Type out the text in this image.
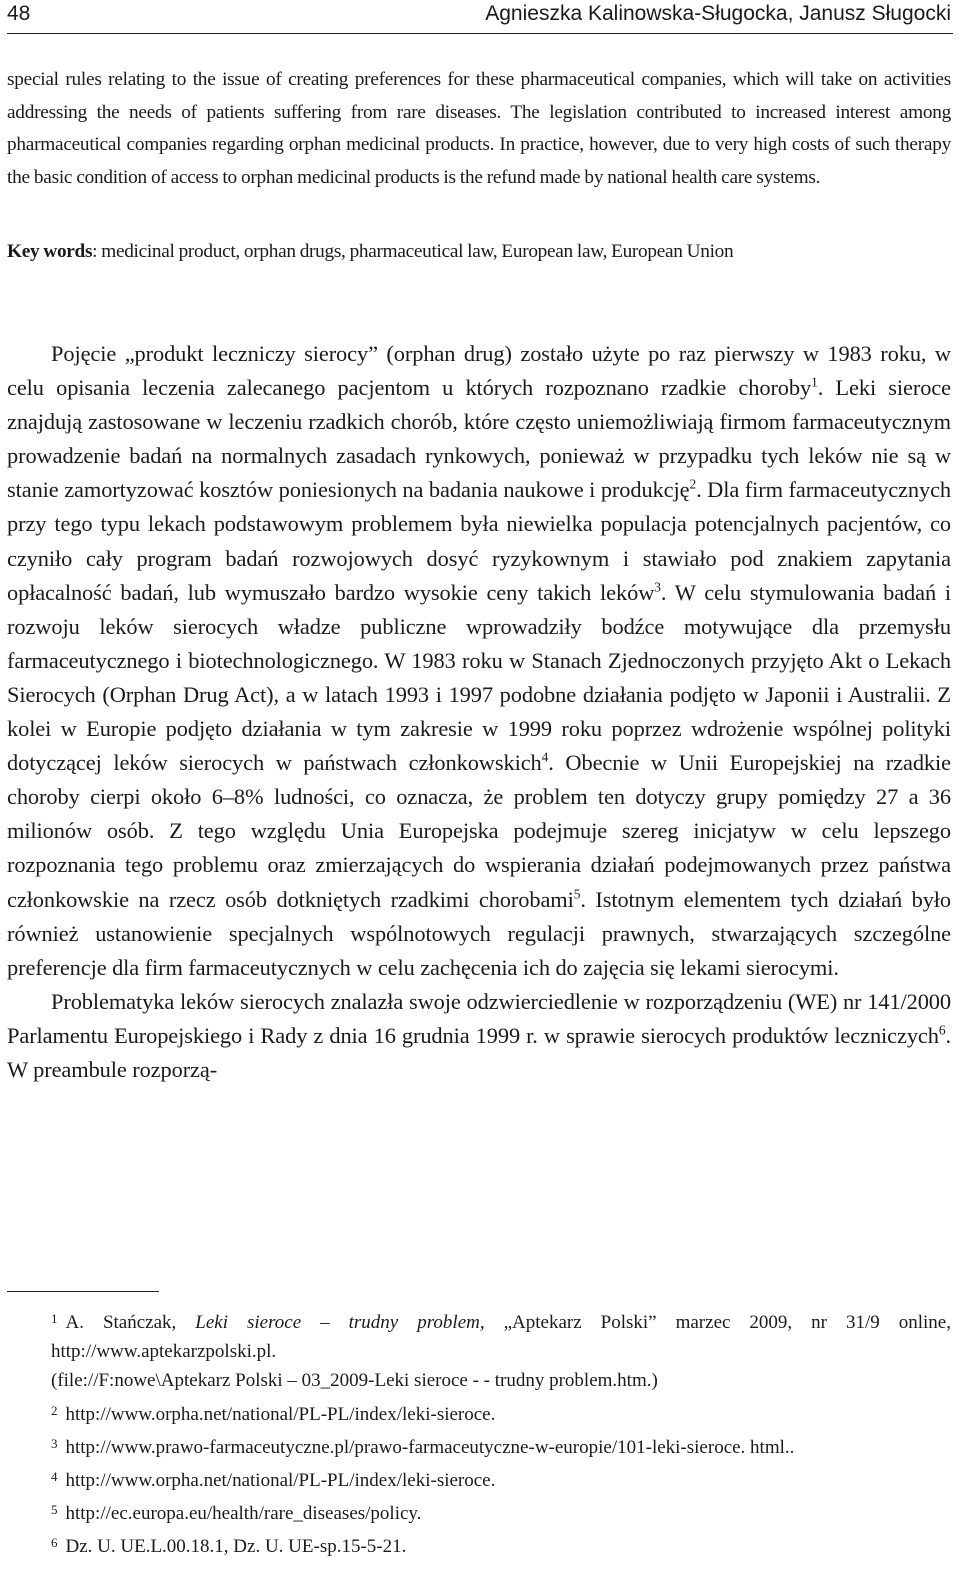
48	Agnieszka Kalinowska-Sługocka, Janusz Sługocki
special rules relating to the issue of creating preferences for these pharmaceutical companies, which will take on activities addressing the needs of patients suffering from rare diseases. The legislation contributed to increased interest among pharmaceutical companies regarding orphan medicinal products. In practice, however, due to very high costs of such therapy the basic condition of access to orphan medicinal products is the refund made by national health care systems.
Key words: medicinal product, orphan drugs, pharmaceutical law, European law, European Union

Pojęcie „produkt leczniczy sierocy” (orphan drug) zostało użyte po raz pierwszy w 1983 roku, w celu opisania leczenia zalecanego pacjentom u których rozpoznano rzadkie choroby$^1$. Leki sieroce znajdują zastosowane w leczeniu rzadkich chorób, które często uniemożliwiają firmom farmaceutycznym prowadzenie badań na normalnych zasadach rynkowych, ponieważ w przypadku tych leków nie są w stanie zamortyzować kosztów poniesionych na badania naukowe i produkcję$^2$. Dla firm farmaceutycznych przy tego typu lekach podstawowym problemem była niewielka populacja potencjalnych pacjentów, co czyniło cały program badań rozwojowych dosyć ryzykownym i stawiało pod znakiem zapytania opłacalność badań, lub wymuszało bardzo wysokie ceny takich leków$^3$. W celu stymulowania badań i rozwoju leków sierocych władze publiczne wprowadziły bodźce motywujące dla przemysłu farmaceutycznego i biotechnologicznego. W 1983 roku w Stanach Zjednoczonych przyjęto Akt o Lekach Sierocych (Orphan Drug Act), a w latach 1993 i 1997 podobne działania podjęto w Japonii i Australii. Z kolei w Europie podjęto działania w tym zakresie w 1999 roku poprzez wdrożenie wspólnej polityki dotyczącej leków sierocych w państwach członkowskich$^4$. Obecnie w Unii Europejskiej na rzadkie choroby cierpi około 6–8% ludności, co oznacza, że problem ten dotyczy grupy pomiędzy 27 a 36 milionów osób. Z tego względu Unia Europejska podejmuje szereg inicjatyw w celu lepszego rozpoznania tego problemu oraz zmierzających do wspierania działań podejmowanych przez państwa członkowskie na rzecz osób dotkniętych rzadkimi chorobami$^5$. Istotnym elementem tych działań było również ustanowienie specjalnych wspólnotowych regulacji prawnych, stwarzających szczególne preferencje dla firm farmaceutycznych w celu zachęcenia ich do zajęcia się lekami sierocymi.

Problematyka leków sierocych znalazła swoje odzwierciedlenie w rozporządzeniu (WE) nr 141/2000 Parlamentu Europejskiego i Rady z dnia 16 grudnia 1999 r. w sprawie sierocych produktów leczniczych$^6$. W preambule rozporzą-

$^1$ A. Stańczak, Leki sieroce – trudny problem, „Aptekarz Polski” marzec 2009, nr 31/9 online, http://www.aptekarzpolski.pl.

(file://F:nowe\Aptekarz Polski – 03_2009-Leki sieroce - - trudny problem.htm.)

$^2$ http://www.orpha.net/national/PL-PL/index/leki-sieroce.

$^3$ http://www.prawo-farmaceutyczne.pl/prawo-farmaceutyczne-w-europie/101-leki-sieroce. html..

$^4$ http://www.orpha.net/national/PL-PL/index/leki-sieroce.

$^5$ http://ec.europa.eu/health/rare_diseases/policy.

$^6$ Dz. U. UE.L.00.18.1, Dz. U. UE-sp.15-5-21.
